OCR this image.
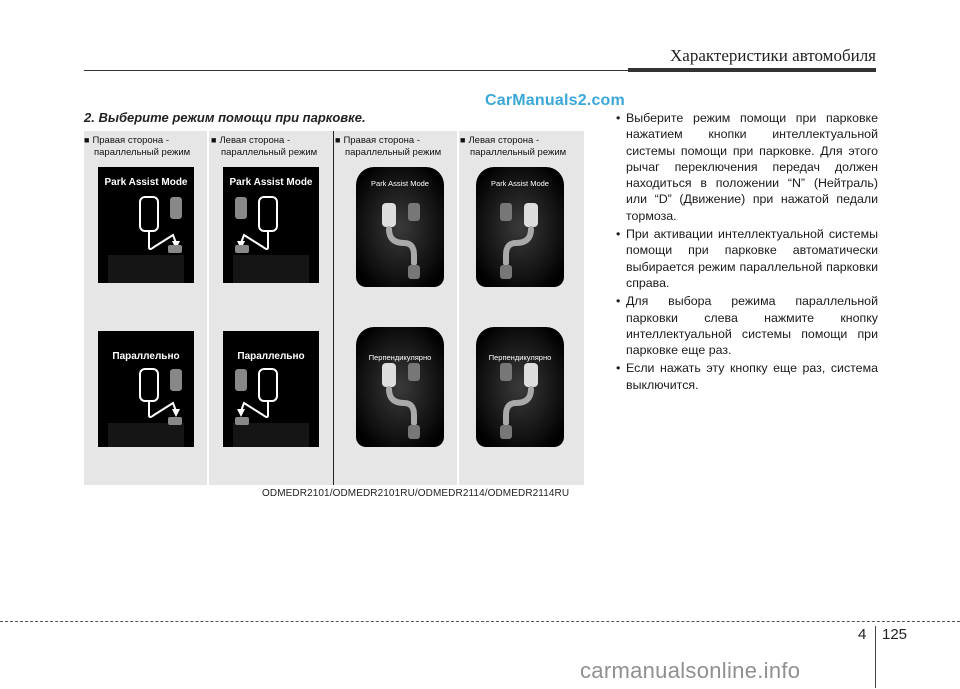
Характеристики автомобиля
CarManuals2.com
2. Выберите режим помощи при парковке.
■ Правая сторона -
параллельный режим
■ Левая сторона -
параллельный режим
■ Правая сторона -
параллельный режим
■ Левая сторона -
параллельный режим
Park Assist Mode
Параллельно
Park Assist Mode
Параллельно
Park Assist Mode
Перпендикулярно
Park Assist Mode
Перпендикулярно
ODMEDR2101/ODMEDR2101RU/ODMEDR2114/ODMEDR2114RU
• Выберите режим помощи при парковке нажатием кнопки интеллектуальной системы помощи при парковке. Для этого рычаг переключения передач должен находиться в положении “N” (Нейтраль) или “D” (Движение) при нажатой педали тормоза.
• При активации интеллектуальной системы помощи при парковке автоматически выбирается режим параллельной парковки справа.
• Для выбора режима параллельной парковки слева нажмите кнопку интеллектуальной системы помощи при парковке еще раз.
• Если нажать эту кнопку еще раз, система выключится.
4 125
carmanualsonline.info
